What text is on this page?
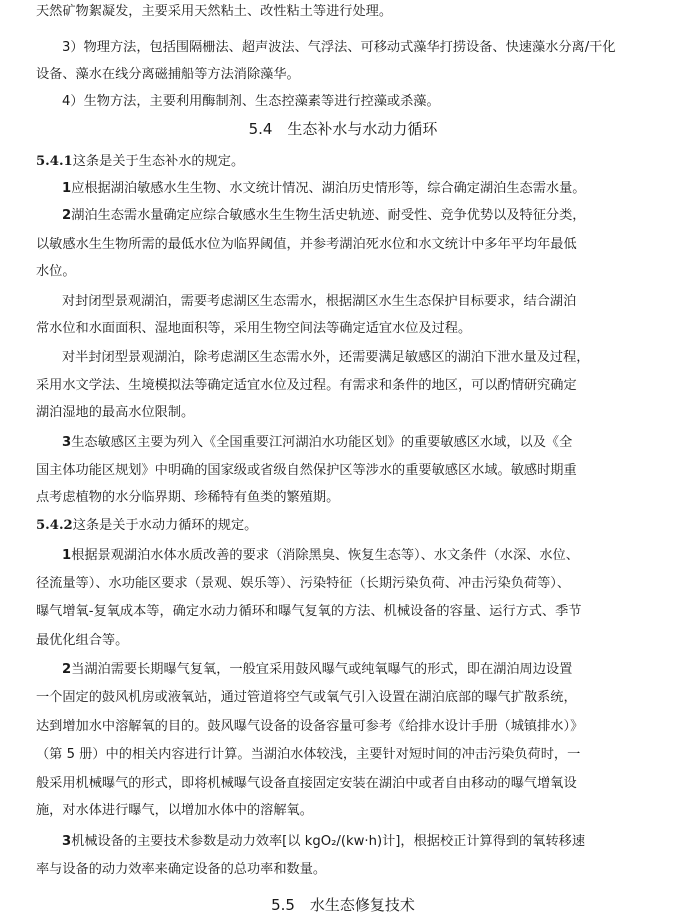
天然矿物絮凝发，主要采用天然粘土、改性粘土等进行处理。
3）物理方法，包括围隔栅法、超声波法、气浮法、可移动式藻华打捞设备、快速藻水分离/干化
设备、藻水在线分离磁捕船等方法消除藻华。
4）生物方法，主要利用酶制剂、生态控藻素等进行控藻或杀藻。
5.4　生态补水与水动力循环
5.4.1这条是关于生态补水的规定。
1应根据湖泊敏感水生生物、水文统计情况、湖泊历史情形等，综合确定湖泊生态需水量。
2湖泊生态需水量确定应综合敏感水生生物生活史轨迹、耐受性、竞争优势以及特征分类，
以敏感水生生物所需的最低水位为临界阈值，并参考湖泊死水位和水文统计中多年平均年最低
水位。
对封闭型景观湖泊，需要考虑湖区生态需水，根据湖区水生生态保护目标要求，结合湖泊
常水位和水面面积、湿地面积等，采用生物空间法等确定适宜水位及过程。
对半封闭型景观湖泊，除考虑湖区生态需水外，还需要满足敏感区的湖泊下泄水量及过程，
采用水文学法、生境模拟法等确定适宜水位及过程。有需求和条件的地区，可以酌情研究确定
湖泊湿地的最高水位限制。
3生态敏感区主要为列入《全国重要江河湖泊水功能区划》的重要敏感区水域，以及《全
国主体功能区规划》中明确的国家级或省级自然保护区等涉水的重要敏感区水域。敏感时期重
点考虑植物的水分临界期、珍稀特有鱼类的繁殖期。
5.4.2这条是关于水动力循环的规定。
1根据景观湖泊水体水质改善的要求（消除黑臭、恢复生态等）、水文条件（水深、水位、
径流量等）、水功能区要求（景观、娱乐等）、污染特征（长期污染负荷、冲击污染负荷等）、
曝气增氧-复氧成本等，确定水动力循环和曝气复氧的方法、机械设备的容量、运行方式、季节
最优化组合等。
2当湖泊需要长期曝气复氧，一般宜采用鼓风曝气或纯氧曝气的形式，即在湖泊周边设置
一个固定的鼓风机房或液氧站，通过管道将空气或氧气引入设置在湖泊底部的曝气扩散系统，
达到增加水中溶解氧的目的。鼓风曝气设备的设备容量可参考《给排水设计手册（城镇排水）》
（第 5 册）中的相关内容进行计算。当湖泊水体较浅，主要针对短时间的冲击污染负荷时，一
般采用机械曝气的形式，即将机械曝气设备直接固定安装在湖泊中或者自由移动的曝气增氧设
施，对水体进行曝气，以增加水体中的溶解氧。
3机械设备的主要技术参数是动力效率[以 kgO₂/(kw·h)计]，根据校正计算得到的氧转移速
率与设备的动力效率来确定设备的总功率和数量。
5.5　水生态修复技术
